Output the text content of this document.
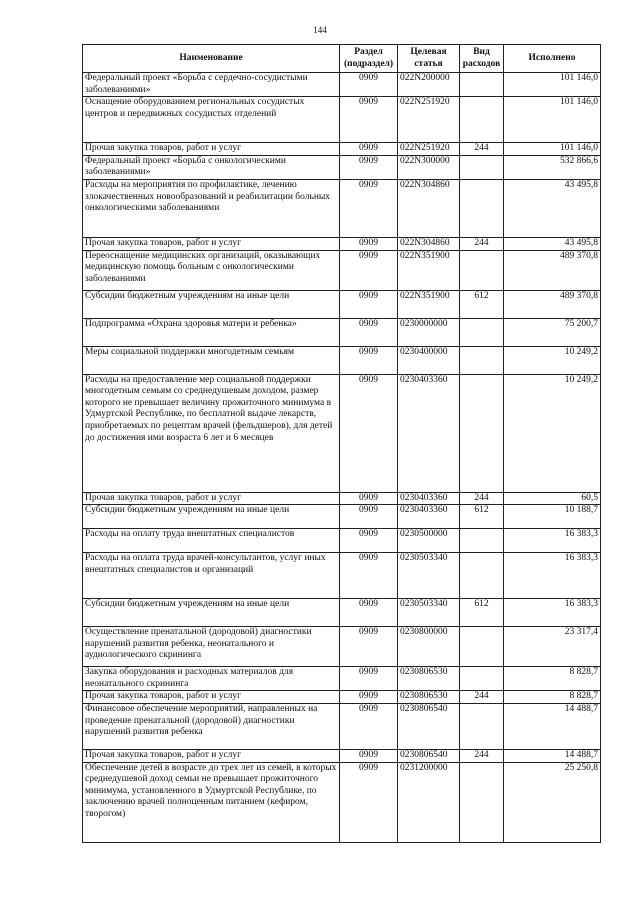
144
Наименование	Раздел (подраздел)	Целевая статья	Вид расходов	Исполнено
Федеральный проект «Борьба с сердечно-сосудистыми заболеваниями»	0909	022N200000		101 146,0
Оснащение оборудованием региональных сосудистых центров и передвижных сосудистых отделений	0909	022N251920		101 146,0
Прочая закупка товаров, работ и услуг	0909	022N251920	244	101 146,0
Федеральный проект «Борьба с онкологическими заболеваниями»	0909	022N300000		532 866,6
Расходы на мероприятия по профилактике, лечению злокачественных новообразований и реабилитации больных онкологическими заболеваниями	0909	022N304860		43 495,8
Прочая закупка товаров, работ и услуг	0909	022N304860	244	43 495,8
Переоснащение медицинских организаций, оказывающих медицинскую помощь больным с онкологическими заболеваниями	0909	022N351900		489 370,8
Субсидии бюджетным учреждениям на иные цели	0909	022N351900	612	489 370,8
Подпрограмма «Охрана здоровья матери и ребенка»	0909	0230000000		75 200,7
Меры социальной поддержки многодетным семьям	0909	0230400000		10 249,2
Расходы на предоставление мер социальной поддержки многодетным семьям со среднедушевым доходом, размер которого не превышает величину прожиточного минимума в Удмуртской Республике, по бесплатной выдаче лекарств, приобретаемых по рецептам врачей (фельдшеров), для детей до достижения ими возраста 6 лет и 6 месяцев	0909	0230403360		10 249,2
Прочая закупка товаров, работ и услуг	0909	0230403360	244	60,5
Субсидии бюджетным учреждениям на иные цели	0909	0230403360	612	10 188,7
Расходы на оплату труда внештатных специалистов	0909	0230500000		16 383,3
Расходы на оплата труда врачей-консультантов, услуг иных внештатных специалистов и организаций	0909	0230503340		16 383,3
Субсидии бюджетным учреждениям на иные цели	0909	0230503340	612	16 383,3
Осуществление пренатальной (дородовой) диагностики нарушений развития ребенка, неонатального и аудиологического скрининга	0909	0230800000		23 317,4
Закупка оборудования и расходных материалов для неонатального скрининга	0909	0230806530		8 828,7
Прочая закупка товаров, работ и услуг	0909	0230806530	244	8 828,7
Финансовое обеспечение мероприятий, направленных на проведение пренатальной (дородовой) диагностики нарушений развития ребенка	0909	0230806540		14 488,7
Прочая закупка товаров, работ и услуг	0909	0230806540	244	14 488,7
Обеспечение детей в возрасте до трех лет из семей, в которых среднедушевой доход семьи не превышает прожиточного минимума, установленного в Удмуртской Республике, по заключению врачей полноценным питанием (кефиром, творогом)	0909	0231200000		25 250,8
